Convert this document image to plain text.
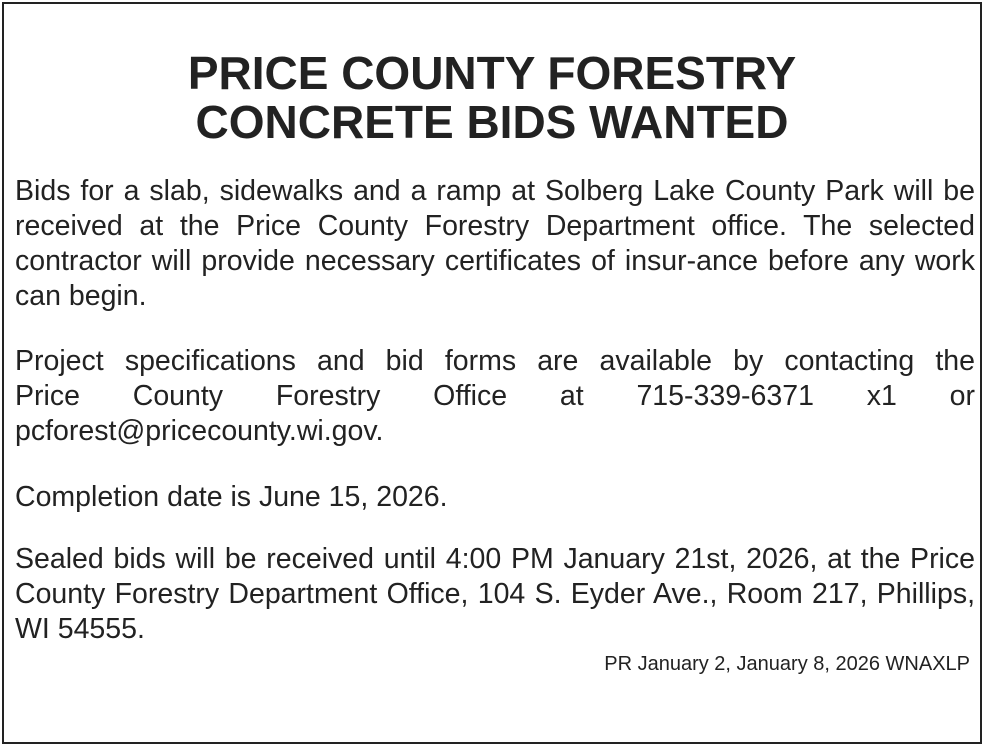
PRICE COUNTY FORESTRY
CONCRETE BIDS WANTED

Bids for a slab, sidewalks and a ramp at Solberg Lake County Park will be received at the Price County Forestry Department office. The selected contractor will provide necessary certificates of insur-ance before any work can begin.

Project specifications and bid forms are available by contacting the
Price County Forestry Office at 715-339-6371 x1 or
pcforest@pricecounty.wi.gov.

Completion date is June 15, 2026.

Sealed bids will be received until 4:00 PM January 21st, 2026, at the Price County Forestry Department Office, 104 S. Eyder Ave., Room 217, Phillips, WI 54555.

PR January 2, January 8, 2026 WNAXLP
